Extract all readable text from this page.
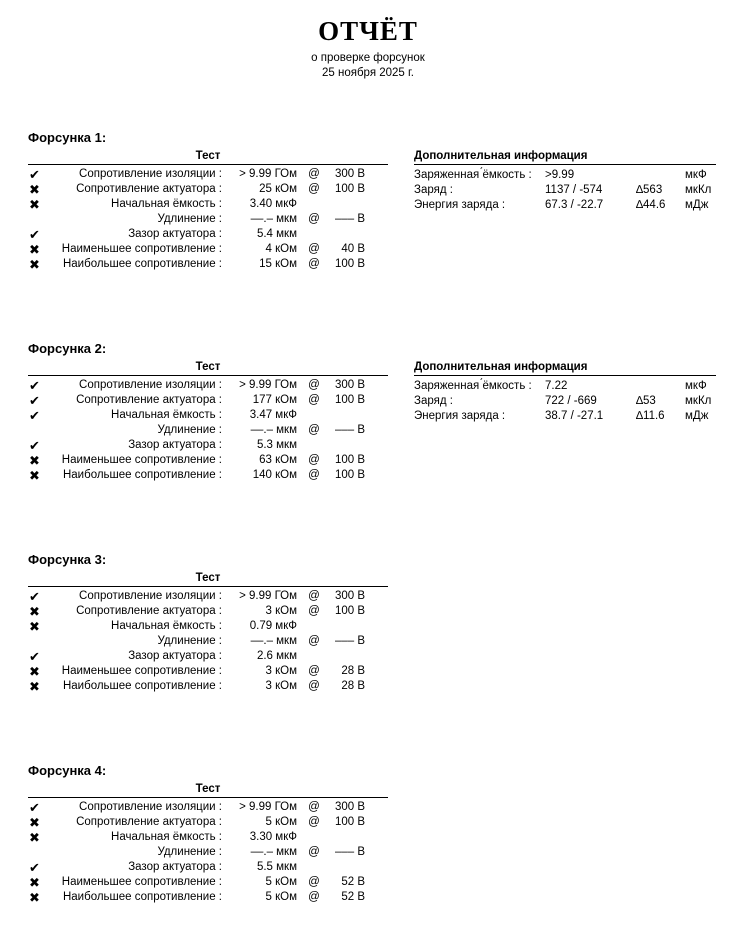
ОТЧЁТ
о проверке форсунок
25 ноября 2025 г.
Форсунка 1:
Тест
✔	Сопротивление изоляции : > 9.99 ГОм @ 300 В
✖	Сопротивление актуатора :	25 кОм @ 100 В
✖	Начальная ёмкость : 3.40 мкФ
Удлинение : ––.– мкм @ ––– В
✔	Зазор актуатора :	5.4 мкм
✖ Наименьшее сопротивление :	4 кОм @ 40 В
✖ Наибольшее сопротивление :	15 кОм @ 100 В
Дополнительная информация
Заряженная ́ёмкость : >9.99	мкФ
Заряд :	1137 / -574	∆563 мкКл
Энергия заряда :	67.3 / -22.7	∆44.6 мДж
Форсунка 2:
Тест
✔	Сопротивление изоляции : > 9.99 ГОм @ 300 В
✔	Сопротивление актуатора :	177 кОм @ 100 В
✔	Начальная ёмкость : 3.47 мкФ
Удлинение : ––.– мкм @ ––– В
✔	Зазор актуатора :	5.3 мкм
✖ Наименьшее сопротивление :	63 кОм @ 100 В
✖ Наибольшее сопротивление :	140 кОм @ 100 В
Дополнительная информация
Заряженная ́ёмкость : 7.22	мкФ
Заряд :	722 / -669	∆53	мкКл
Энергия заряда :	38.7 / -27.1	∆11.6 мДж
Форсунка 3:
Тест
✔	Сопротивление изоляции : > 9.99 ГОм @ 300 В
✖	Сопротивление актуатора :	3 кОм @ 100 В
✖	Начальная ёмкость : 0.79 мкФ
Удлинение : ––.– мкм @ ––– В
✔	Зазор актуатора :	2.6 мкм
✖ Наименьшее сопротивление :	3 кОм @ 28 В
✖ Наибольшее сопротивление :	3 кОм @ 28 В
Форсунка 4:
Тест
✔	Сопротивление изоляции : > 9.99 ГОм @ 300 В
✖	Сопротивление актуатора :	5 кОм @ 100 В
✖	Начальная ёмкость : 3.30 мкФ
Удлинение : ––.– мкм @ ––– В
✔	Зазор актуатора :	5.5 мкм
✖ Наименьшее сопротивление :	5 кОм @ 52 В
✖ Наибольшее сопротивление :	5 кОм @ 52 В
